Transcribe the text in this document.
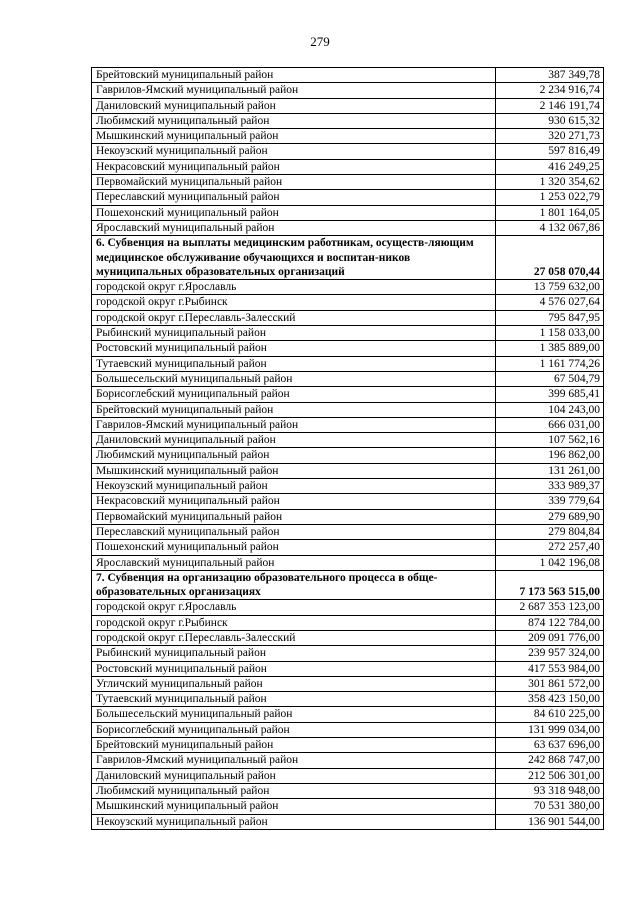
279
Брейтовский муниципальный район	387 349,78
Гаврилов-Ямский муниципальный район	2 234 916,74
Даниловский муниципальный район	2 146 191,74
Любимский муниципальный район	930 615,32
Мышкинский муниципальный район	320 271,73
Некоузский муниципальный район	597 816,49
Некрасовский муниципальный район	416 249,25
Первомайский муниципальный район	1 320 354,62
Переславский муниципальный район	1 253 022,79
Пошехонский муниципальный район	1 801 164,05
Ярославский муниципальный район	4 132 067,86
6. Субвенция на выплаты медицинским работникам, осуществ-ляющим медицинское обслуживание обучающихся и воспитан-ников муниципальных образовательных организаций	27 058 070,44
городской округ г.Ярославль	13 759 632,00
городской округ г.Рыбинск	4 576 027,64
городской округ г.Переславль-Залесский	795 847,95
Рыбинский муниципальный район	1 158 033,00
Ростовский муниципальный район	1 385 889,00
Тутаевский муниципальный район	1 161 774,26
Большесельский муниципальный район	67 504,79
Борисоглебский муниципальный район	399 685,41
Брейтовский муниципальный район	104 243,00
Гаврилов-Ямский муниципальный район	666 031,00
Даниловский муниципальный район	107 562,16
Любимский муниципальный район	196 862,00
Мышкинский муниципальный район	131 261,00
Некоузский муниципальный район	333 989,37
Некрасовский муниципальный район	339 779,64
Первомайский муниципальный район	279 689,90
Переславский муниципальный район	279 804,84
Пошехонский муниципальный район	272 257,40
Ярославский муниципальный район	1 042 196,08
7. Субвенция на организацию образовательного процесса в обще-образовательных организациях	7 173 563 515,00
городской округ г.Ярославль	2 687 353 123,00
городской округ г.Рыбинск	874 122 784,00
городской округ г.Переславль-Залесский	209 091 776,00
Рыбинский муниципальный район	239 957 324,00
Ростовский муниципальный район	417 553 984,00
Угличский муниципальный район	301 861 572,00
Тутаевский муниципальный район	358 423 150,00
Большесельский муниципальный район	84 610 225,00
Борисоглебский муниципальный район	131 999 034,00
Брейтовский муниципальный район	63 637 696,00
Гаврилов-Ямский муниципальный район	242 868 747,00
Даниловский муниципальный район	212 506 301,00
Любимский муниципальный район	93 318 948,00
Мышкинский муниципальный район	70 531 380,00
Некоузский муниципальный район	136 901 544,00
